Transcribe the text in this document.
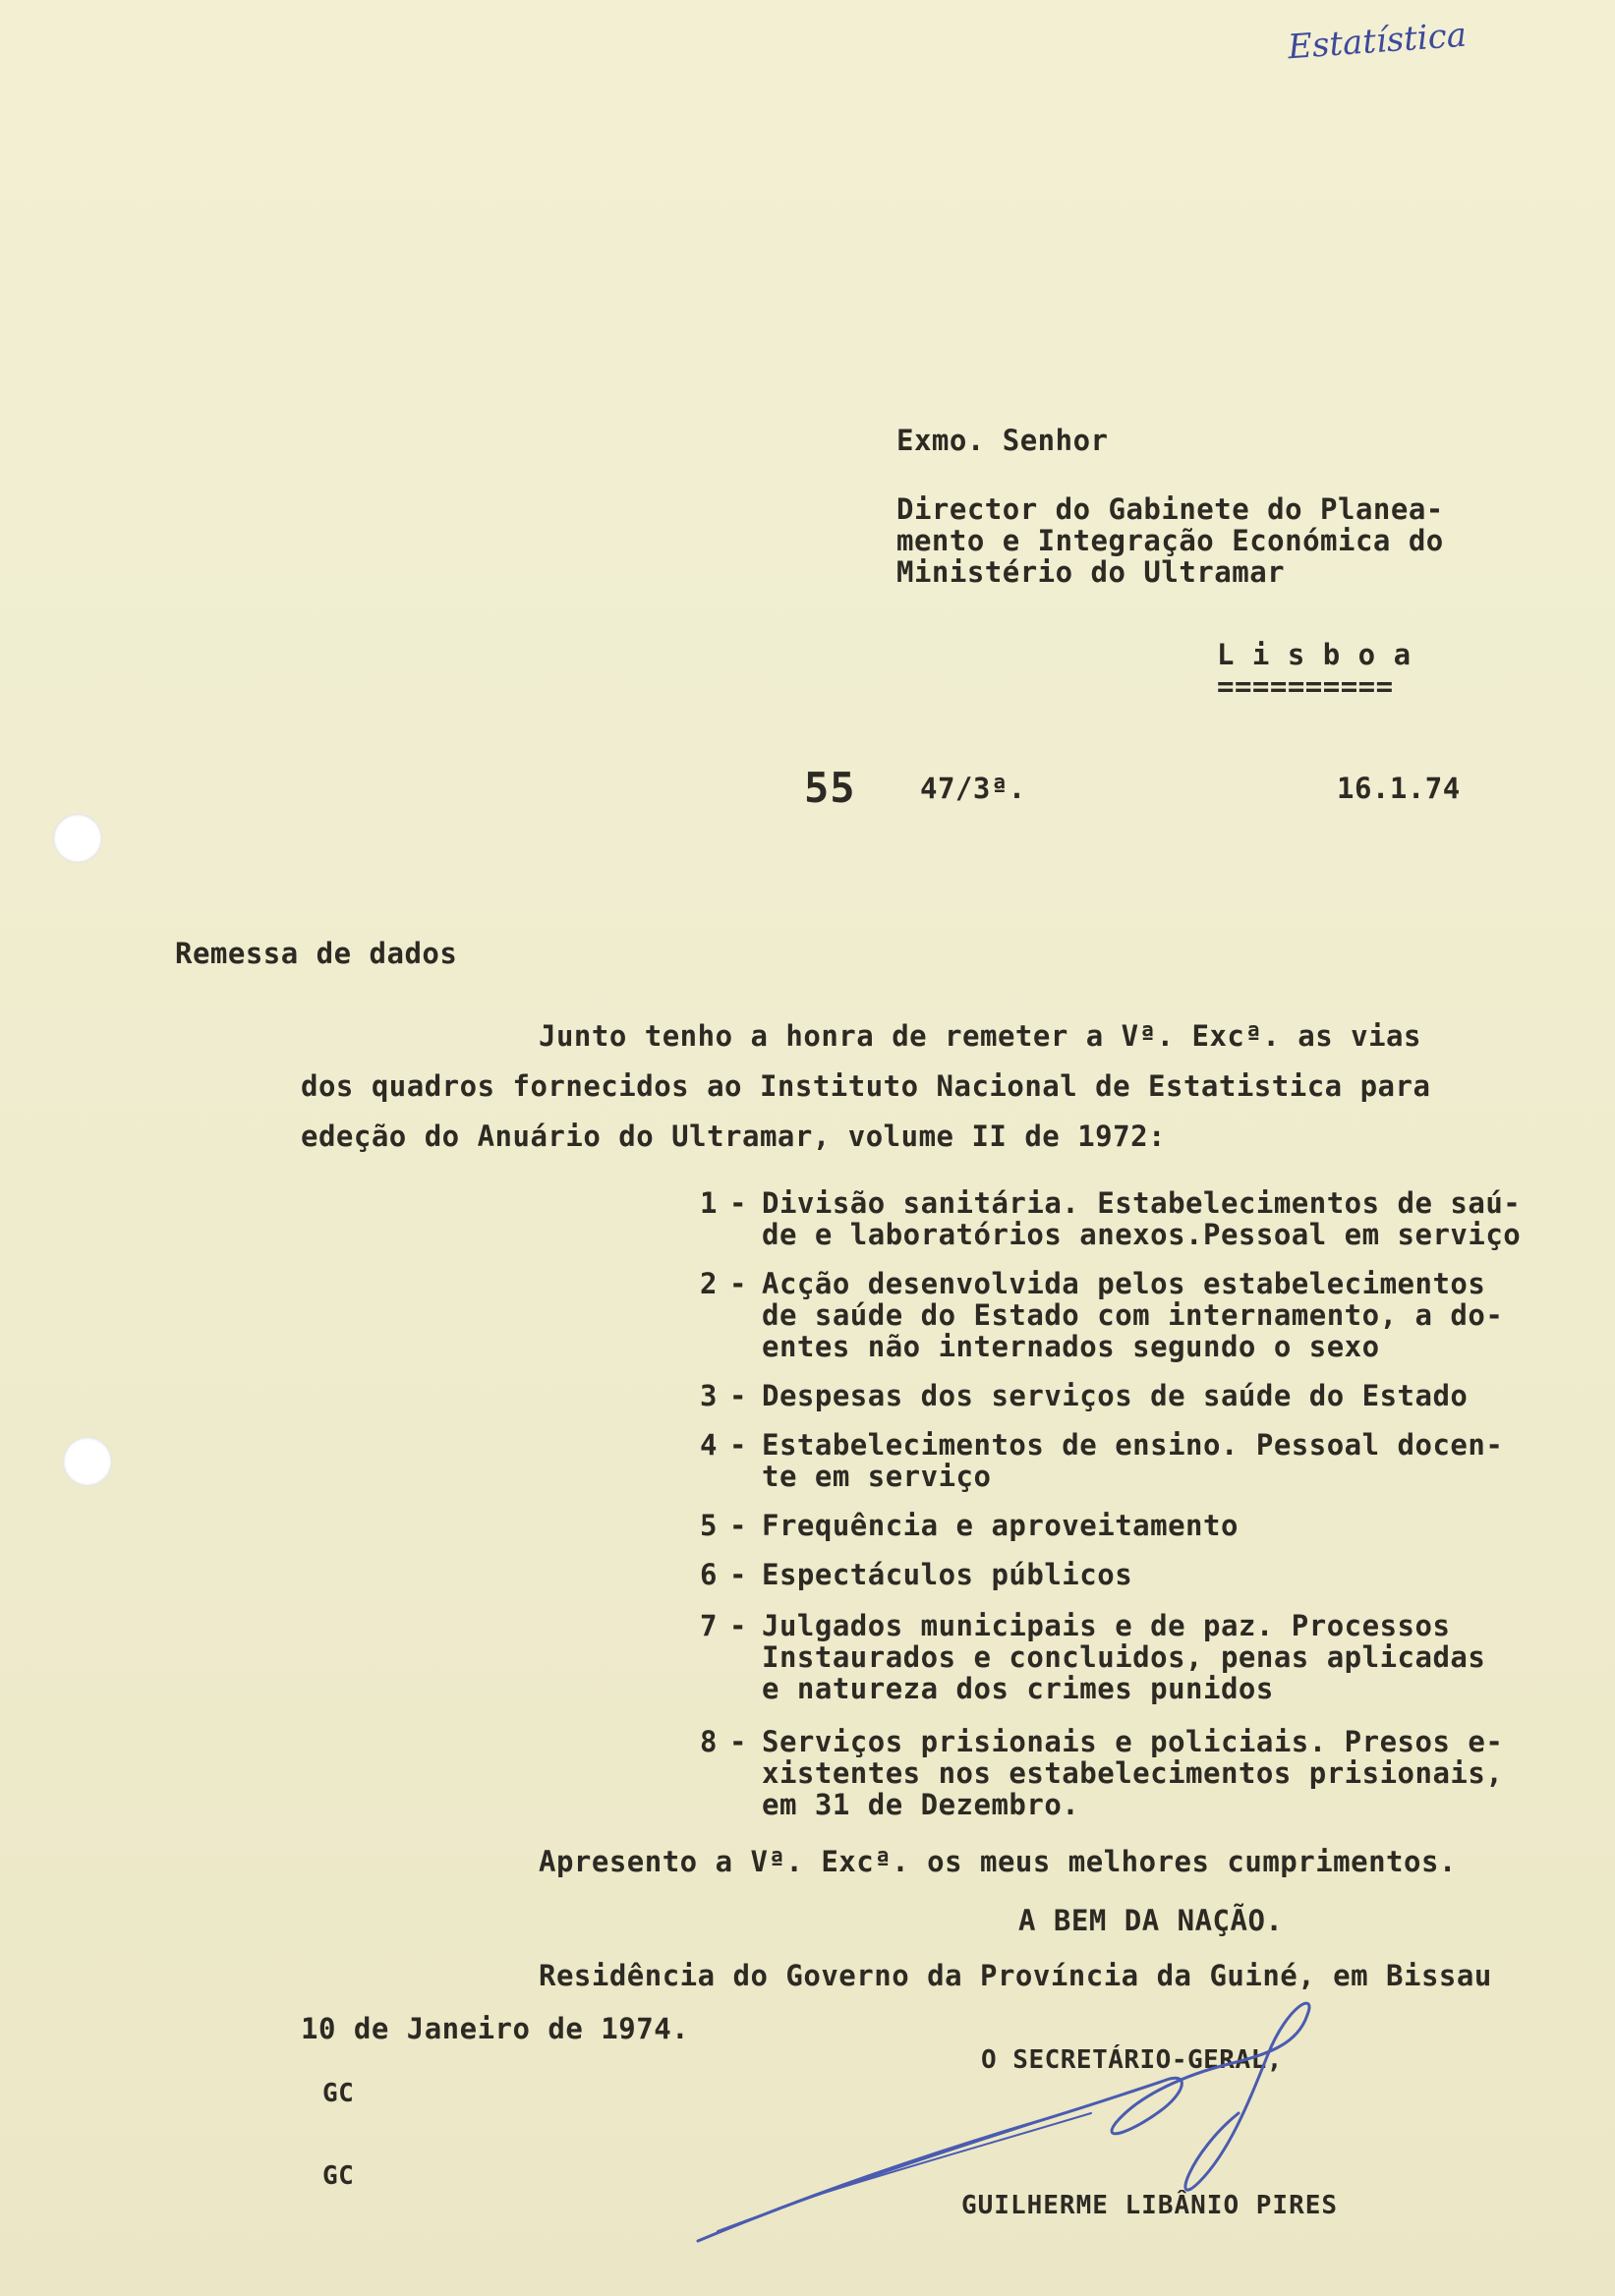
Estatística
Exmo. Senhor
Director do Gabinete do Planea-
mento e Integração Económica do
Ministério do Ultramar
L i s b o a
==========
55 47/3ª.	16.1.74
Remessa de dados
Junto tenho a honra de remeter a Vª. Excª. as vias
dos quadros fornecidos ao Instituto Nacional de Estatistica para
edeção do Anuário do Ultramar, volume II de 1972:
1 - Divisão sanitária. Estabelecimentos de saú-
de e laboratórios anexos.Pessoal em serviço
2 - Acção desenvolvida pelos estabelecimentos
de saúde do Estado com internamento, a do-
entes não internados segundo o sexo
3 - Despesas dos serviços de saúde do Estado
4 - Estabelecimentos de ensino. Pessoal docen-
te em serviço
5 - Frequência e aproveitamento
6 - Espectáculos públicos
7 - Julgados municipais e de paz. Processos
Instaurados e concluidos, penas aplicadas
e natureza dos crimes punidos
8 - Serviços prisionais e policiais. Presos e-
xistentes nos estabelecimentos prisionais,
em 31 de Dezembro.
Apresento a Vª. Excª. os meus melhores cumprimentos.
A BEM DA NAÇÃO.
Residência do Governo da Província da Guiné, em Bissau
10 de Janeiro de 1974.
O SECRETÁRIO-GERAL,
GC
GC
GUILHERME LIBÂNIO PIRES
